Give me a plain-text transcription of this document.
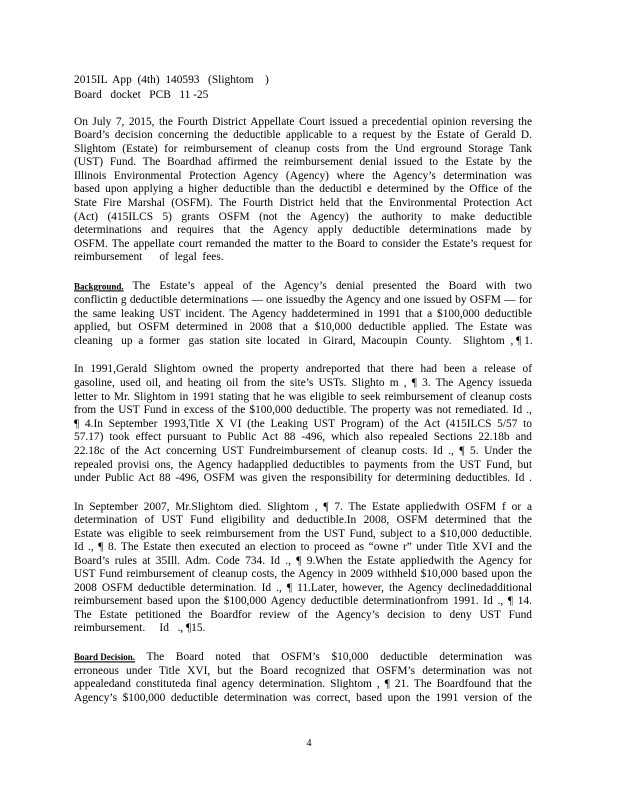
2015IL  App  (4th)  140593   (Slightom    )
Board   docket   PCB   11 -25
On July 7, 2015, the Fourth District Appellate Court issued a precedential opinion reversing the
Board’s decision concerning the deductible applicable to a request by the Estate of Gerald D.
Slightom (Estate) for reimbursement of cleanup costs from the Und erground Storage Tank
(UST) Fund. The Boardhad affirmed the reimbursement denial issued to the Estate by the
Illinois Environmental Protection Agency (Agency) where the Agency’s determination was
based upon applying a higher deductible than the deductibl e determined by the Office of the
State Fire Marshal (OSFM). The Fourth District held that the Environmental Protection Act
(Act) (415ILCS 5) grants OSFM (not the Agency) the authority to make deductible
determinations and requires that the Agency apply deductible determinations made by
OSFM. The appellate court remanded the matter to the Board to consider the Estate’s request for
reimbursement      of  legal  fees.
Background. The Estate’s appeal of the Agency’s denial presented the Board with two
conflictin g deductible determinations — one issuedby the Agency and one issued by OSFM — for
the same leaking UST incident. The Agency haddetermined in 1991 that a $100,000 deductible
applied, but OSFM determined in 2008 that a $10,000 deductible applied. The Estate was
cleaning   up  a  former   gas  station  site  located   in  Girard,  Macoupin   County.    Slightom  , ¶ 1.
In 1991,Gerald Slightom owned the property andreported that there had been a release of
gasoline, used oil, and heating oil from the site’s USTs. Slighto m , ¶ 3. The Agency issueda
letter to Mr. Slightom in 1991 stating that he was eligible to seek reimbursement of cleanup costs
from the UST Fund in excess of the $100,000 deductible. The property was not remediated. Id .,
¶ 4.In September 1993,Title X VI (the Leaking UST Program) of the Act (415ILCS 5/57 to
57.17) took effect pursuant to Public Act 88 -496, which also repealed Sections 22.18b and
22.18c of the Act concerning UST Fundreimbursement of cleanup costs. Id ., ¶ 5. Under the
repealed provisi ons, the Agency hadapplied deductibles to payments from the UST Fund, but
under Public Act 88 -496, OSFM was given the responsibility for determining deductibles. Id .
In September 2007, Mr.Slightom died. Slightom , ¶ 7. The Estate appliedwith OSFM f or a
determination of UST Fund eligibility and deductible.In 2008, OSFM determined that the
Estate was eligible to seek reimbursement from the UST Fund, subject to a $10,000 deductible.
Id ., ¶ 8. The Estate then executed an election to proceed as “owne r” under Title XVI and the
Board’s rules at 35Ill. Adm. Code 734. Id ., ¶ 9.When the Estate appliedwith the Agency for
UST Fund reimbursement of cleanup costs, the Agency in 2009 withheld $10,000 based upon the
2008 OSFM deductible determination. Id ., ¶ 11.Later, however, the Agency declinedadditional
reimbursement based upon the $100,000 Agency deductible determinationfrom 1991. Id ., ¶ 14.
The Estate petitioned the Boardfor review of the Agency’s decision to deny UST Fund
reimbursement.     Id   ., ¶15.
Board Decision. The Board noted that OSFM’s $10,000 deductible determination was
erroneous under Title XVI, but the Board recognized that OSFM’s determination was not
appealedand constituteda final agency determination. Slightom , ¶ 21. The Boardfound that the
Agency’s $100,000 deductible determination was correct, based upon the 1991 version of the
4
